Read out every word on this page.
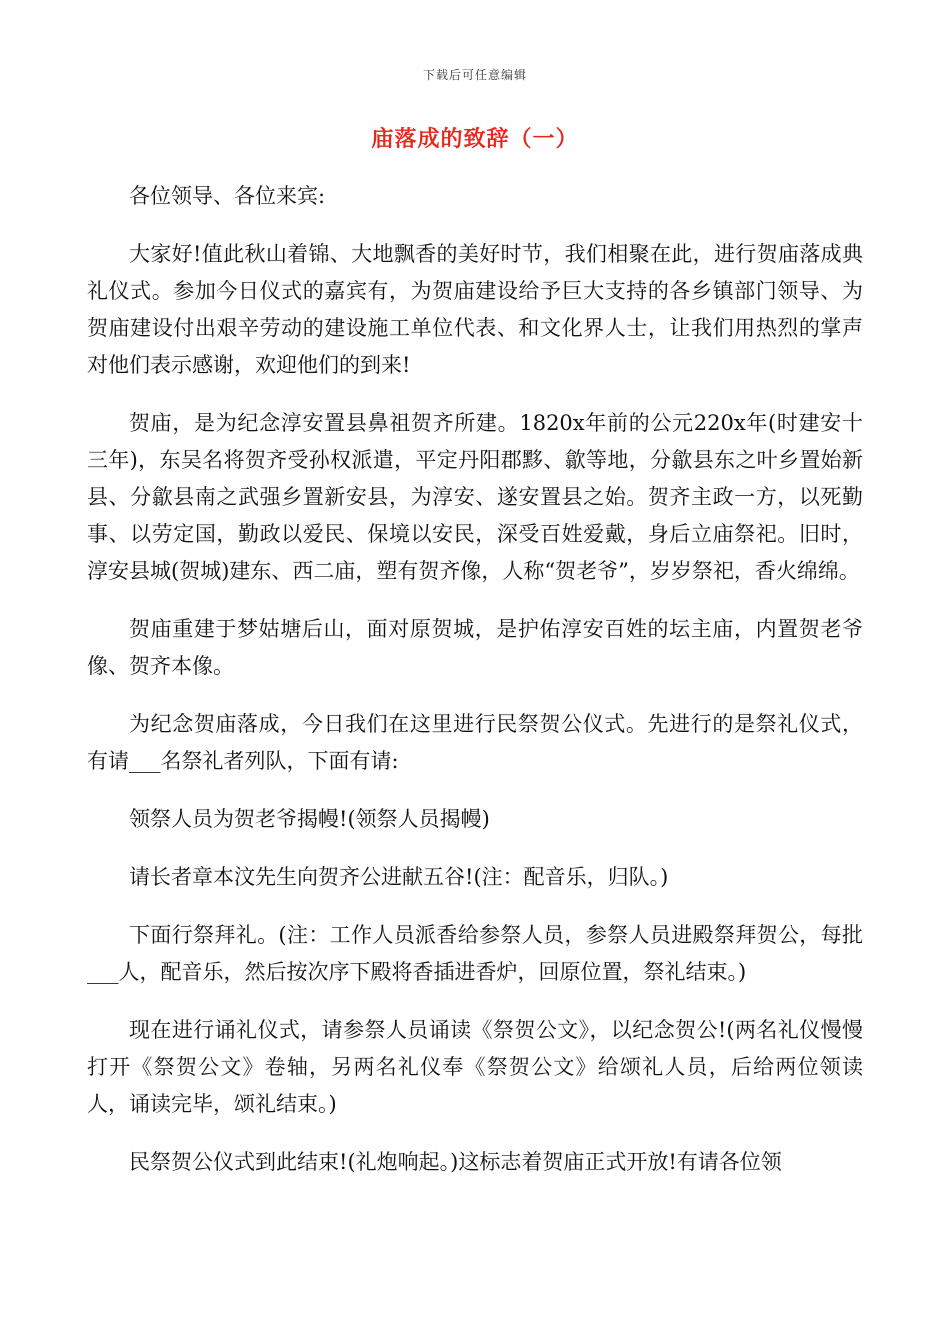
下载后可任意编辑
庙落成的致辞（一）

各位领导、各位来宾:

大家好!值此秋山着锦、大地飘香的美好时节，我们相聚在此，进行贺庙落成典礼仪式。参加今日仪式的嘉宾有，为贺庙建设给予巨大支持的各乡镇部门领导、为贺庙建设付出艰辛劳动的建设施工单位代表、和文化界人士，让我们用热烈的掌声对他们表示感谢，欢迎他们的到来!

贺庙，是为纪念淳安置县鼻祖贺齐所建。1820x年前的公元220x年(时建安十三年)，东吴名将贺齐受孙权派遣，平定丹阳郡黟、歙等地，分歙县东之叶乡置始新县、分歙县南之武强乡置新安县，为淳安、遂安置县之始。贺齐主政一方，以死勤事、以劳定国，勤政以爱民、保境以安民，深受百姓爱戴，身后立庙祭祀。旧时，淳安县城(贺城)建东、西二庙，塑有贺齐像，人称“贺老爷”，岁岁祭祀，香火绵绵。

贺庙重建于梦姑塘后山，面对原贺城，是护佑淳安百姓的坛主庙，内置贺老爷像、贺齐本像。

为纪念贺庙落成，今日我们在这里进行民祭贺公仪式。先进行的是祭礼仪式，有请___名祭礼者列队，下面有请:

领祭人员为贺老爷揭幔!(领祭人员揭幔)

请长者章本汶先生向贺齐公进献五谷!(注：配音乐，归队。)

下面行祭拜礼。(注：工作人员派香给参祭人员，参祭人员进殿祭拜贺公，每批___人，配音乐，然后按次序下殿将香插进香炉，回原位置，祭礼结束。)

现在进行诵礼仪式，请参祭人员诵读《祭贺公文》，以纪念贺公!(两名礼仪慢慢打开《祭贺公文》卷轴，另两名礼仪奉《祭贺公文》给颂礼人员，后给两位领读人，诵读完毕，颂礼结束。)

民祭贺公仪式到此结束!(礼炮响起。)这标志着贺庙正式开放!有请各位领
